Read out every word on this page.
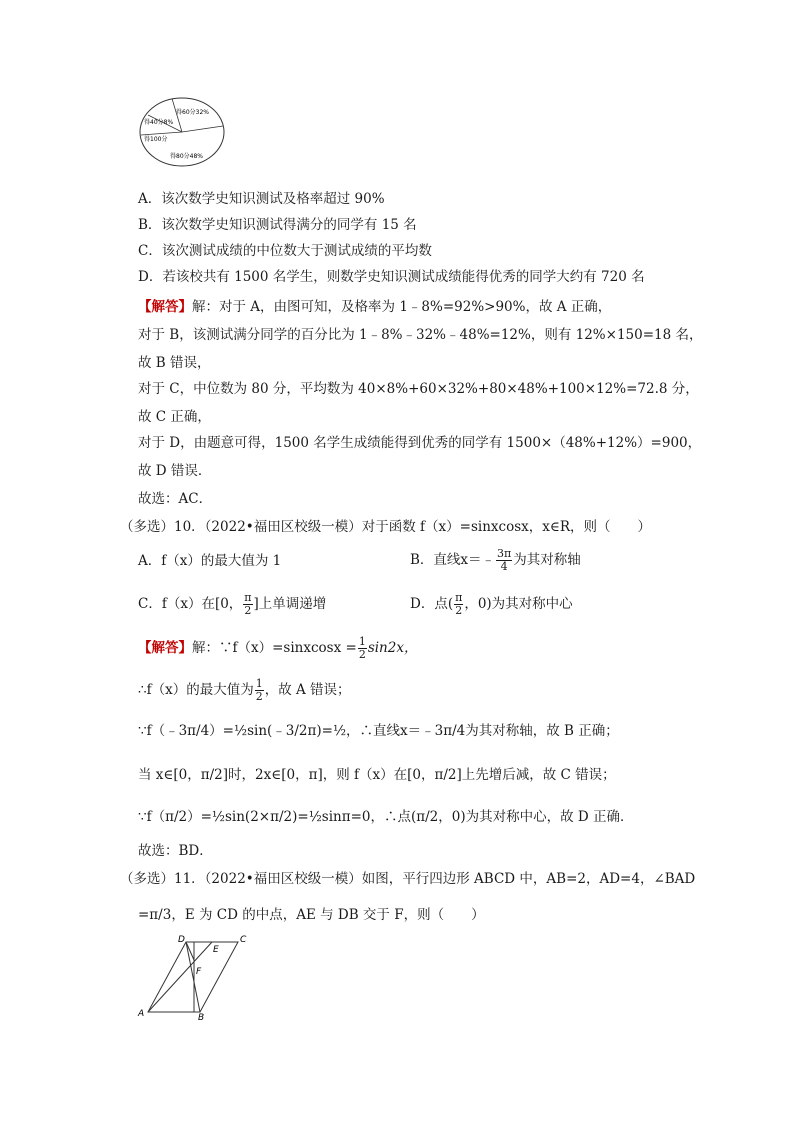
得60分32%
得40分8%
得100分
得80分48%
A．该次数学史知识测试及格率超过 90%
B．该次数学史知识测试得满分的同学有 15 名
C．该次测试成绩的中位数大于测试成绩的平均数
D．若该校共有 1500 名学生，则数学史知识测试成绩能得优秀的同学大约有 720 名
【解答】解：对于 A，由图可知，及格率为 1﹣8%=92%>90%，故 A 正确，
对于 B，该测试满分同学的百分比为 1﹣8%﹣32%﹣48%=12%，则有 12%×150=18 名，
故 B 错误，
对于 C，中位数为 80 分，平均数为 40×8%+60×32%+80×48%+100×12%=72.8 分，
故 C 正确，
对于 D，由题意可得，1500 名学生成绩能得到优秀的同学有 1500×（48%+12%）=900，
故 D 错误．
故选：AC．
（多选）10．（2022•福田区校级一模）对于函数 f（x）=sinxcosx，x∈R，则（　　）
A．f（x）的最大值为 1	B．直线x＝﹣ $\frac{3\pi}{4}$ 为其对称轴
C．f（x）在[0， $\frac{\pi}{2}$ ]上单调递增	D．点( $\frac{\pi}{2}$ ，0)为其对称中心
【解答】解：∵f（x）=sinxcosx = $\frac{1}{2} \sin 2x$，
∴f（x）的最大值为 $\frac{1}{2}$ ，故 A 错误；
∵f（﹣3π/4）=½sin(﹣3/2π)=½，∴直线x＝﹣3π/4为其对称轴，故 B 正确；
当 x∈[0，π/2]时，2x∈[0，π]，则 f（x）在[0，π/2]上先增后减，故 C 错误；
∵f（π/2）=½sin(2×π/2)=½sinπ=0，∴点(π/2，0)为其对称中心，故 D 正确．
故选：BD．
（多选）11．（2022•福田区校级一模）如图，平行四边形 ABCD 中，AB=2，AD=4，∠BAD
=π/3，E 为 CD 的中点，AE 与 DB 交于 F，则（　　）
D
E
C
F
A	B
